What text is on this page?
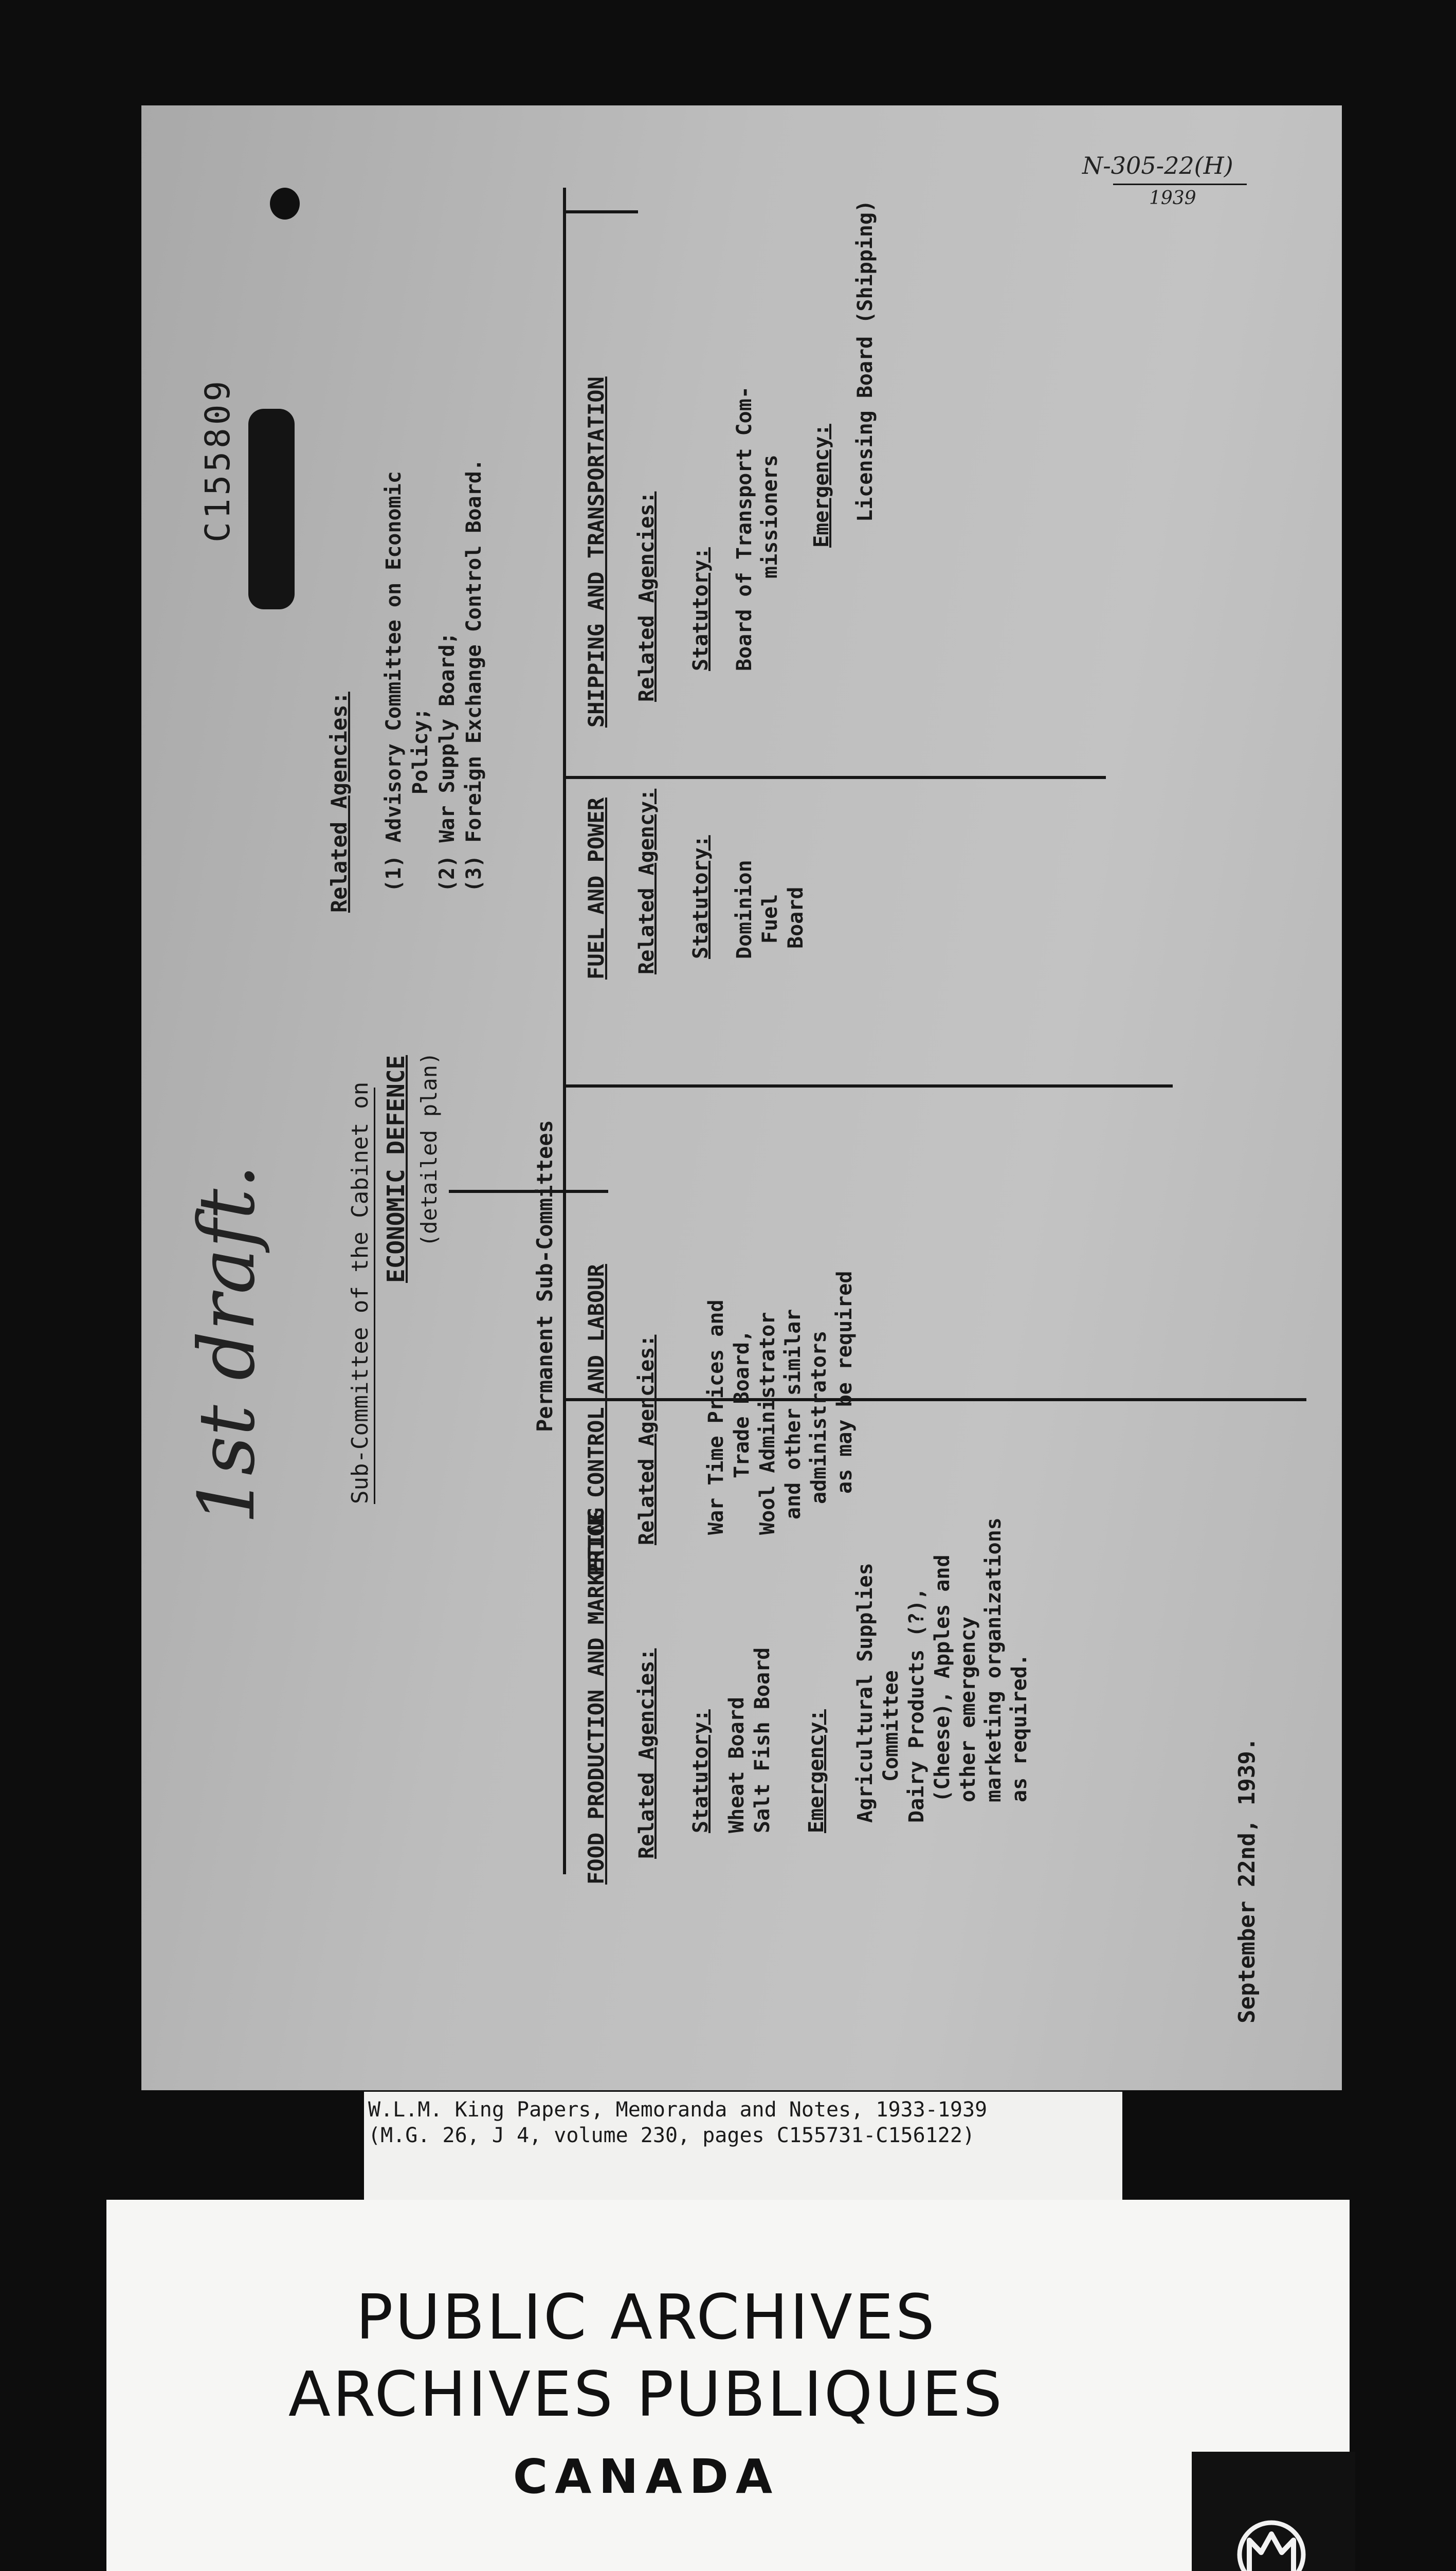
N-305-22(H)
1939
C155809
Sub-Committee of the Cabinet on ECONOMIC DEFENCE (detailed plan)
Related Agencies: (1) Advisory Committee on Economic Policy; (2) War Supply Board; (3) Foreign Exchange Control Board.
Permanent Sub-Committees
FOOD PRODUCTION AND MARKETING Related Agencies: Statutory: Wheat Board Salt Fish Board Emergency: Agricultural Supplies Committee Dairy Products (?), (Cheese), Apples and other emergency marketing organizations as required.
PRICE CONTROL AND LABOUR Related Agencies: War Time Prices and Trade Board, Wool Administrator and other similar administrators as may be required
FUEL AND POWER Related Agency: Statutory: Dominion Fuel Board
SHIPPING AND TRANSPORTATION Related Agencies: Statutory: Board of Transport Com- missioners Emergency: Licensing Board (Shipping)
1st draft.
September 22nd, 1939.
W.L.M. King Papers, Memoranda and Notes, 1933-1939
(M.G. 26, J 4, volume 230, pages C155731-C156122)
PUBLIC ARCHIVES
ARCHIVES PUBLIQUES
CANADA
